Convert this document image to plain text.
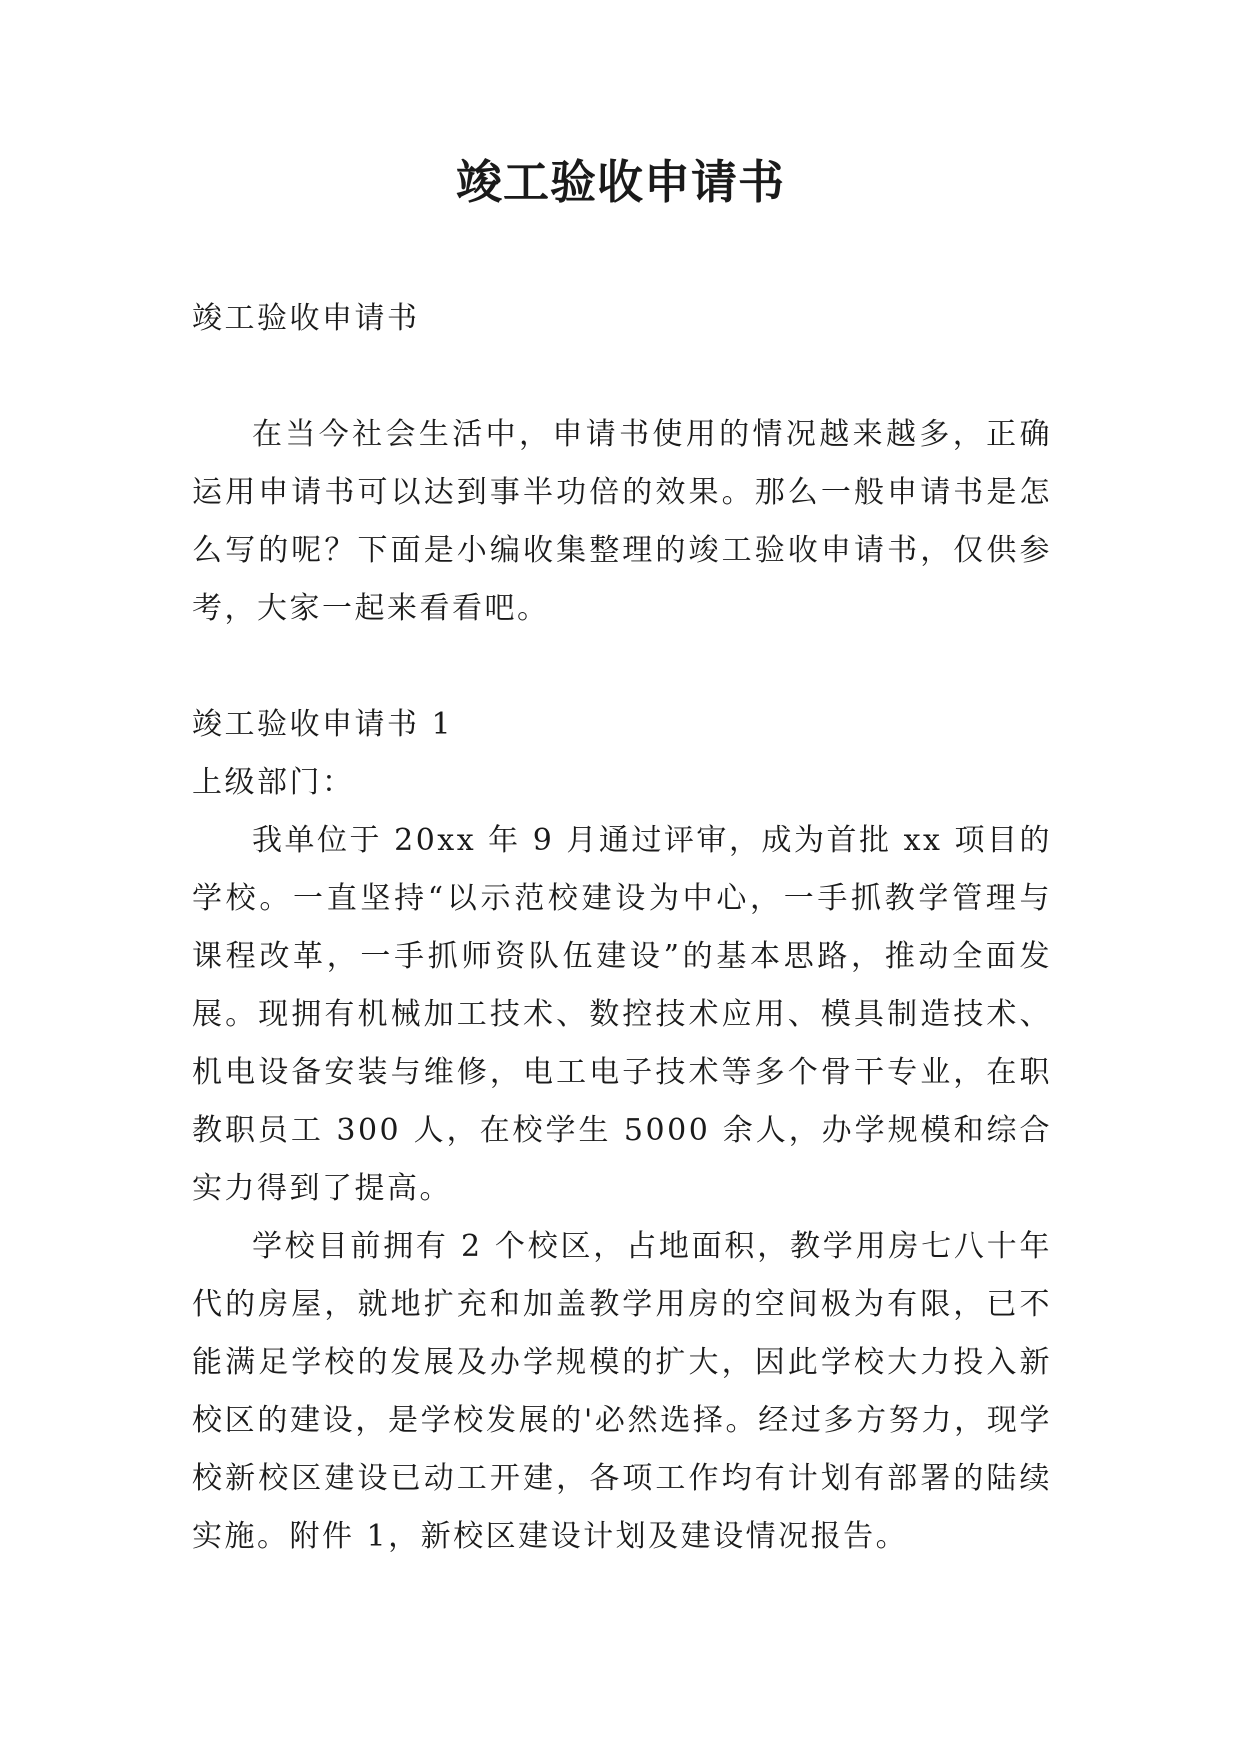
竣工验收申请书

竣工验收申请书

在当今社会生活中，申请书使用的情况越来越多，正确运用申请书可以达到事半功倍的效果。那么一般申请书是怎么写的呢？下面是小编收集整理的竣工验收申请书，仅供参考，大家一起来看看吧。

竣工验收申请书 1

上级部门：

我单位于 20xx 年 9 月通过评审，成为首批 xx 项目的学校。一直坚持“以示范校建设为中心，一手抓教学管理与课程改革，一手抓师资队伍建设”的基本思路，推动全面发展。现拥有机械加工技术、数控技术应用、模具制造技术、机电设备安装与维修，电工电子技术等多个骨干专业，在职教职员工 300 人，在校学生 5000 余人，办学规模和综合实力得到了提高。

学校目前拥有 2 个校区，占地面积，教学用房七八十年代的房屋，就地扩充和加盖教学用房的空间极为有限，已不能满足学校的发展及办学规模的扩大，因此学校大力投入新校区的建设，是学校发展的'必然选择。经过多方努力，现学校新校区建设已动工开建，各项工作均有计划有部署的陆续实施。附件 1，新校区建设计划及建设情况报告。
